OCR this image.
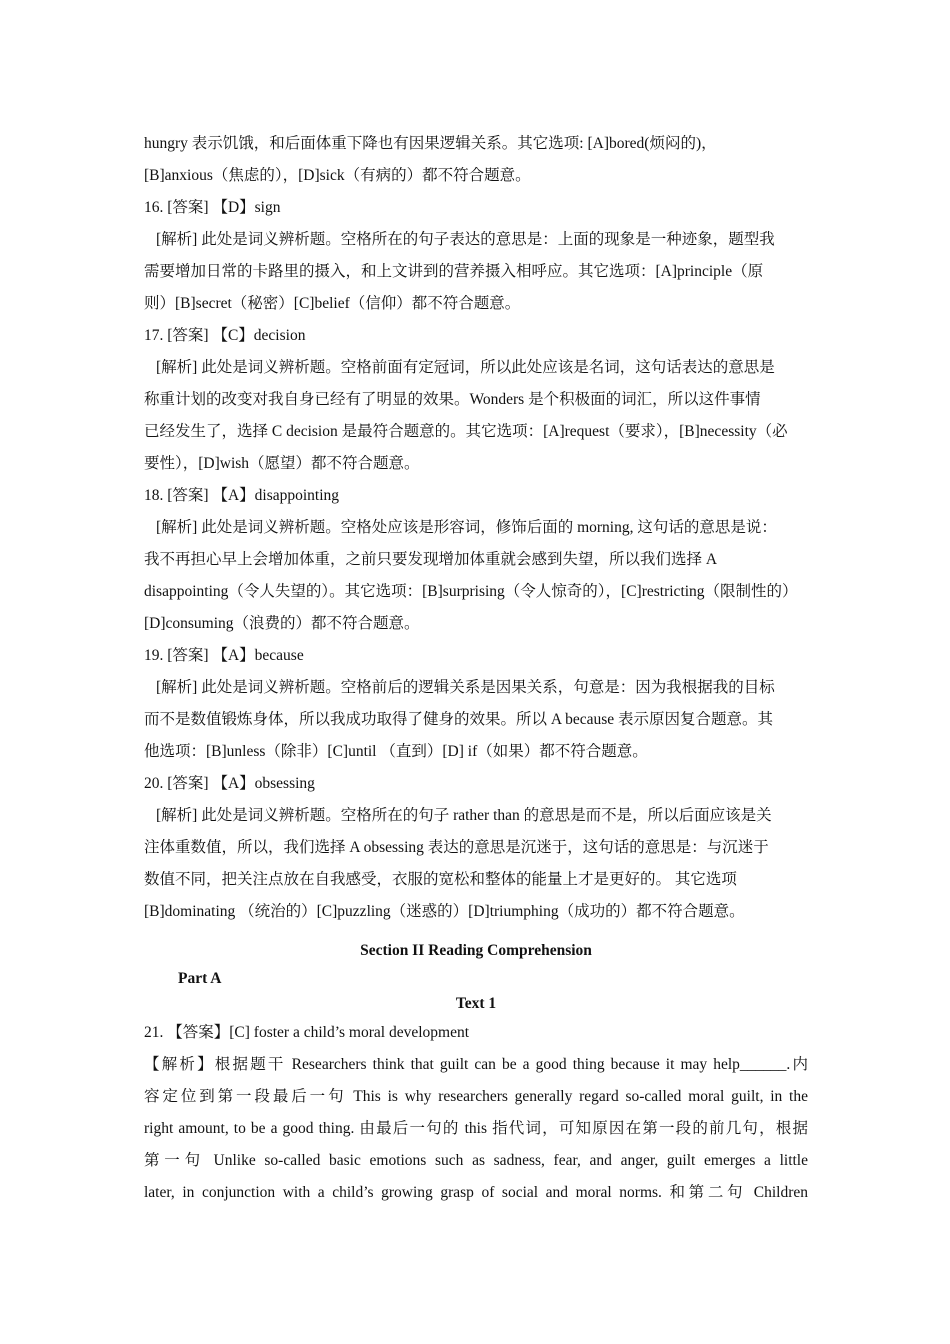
hungry 表示饥饿，和后面体重下降也有因果逻辑关系。其它选项: [A]bored(烦闷的)，
[B]anxious（焦虑的），[D]sick（有病的）都不符合题意。
16. [答案] 【D】sign
[解析] 此处是词义辨析题。空格所在的句子表达的意思是：上面的现象是一种迹象，题型我
需要增加日常的卡路里的摄入，和上文讲到的营养摄入相呼应。其它选项：[A]principle（原
则）[B]secret（秘密）[C]belief（信仰）都不符合题意。
17. [答案] 【C】decision
[解析] 此处是词义辨析题。空格前面有定冠词，所以此处应该是名词，这句话表达的意思是
称重计划的改变对我自身已经有了明显的效果。Wonders 是个积极面的词汇，所以这件事情
已经发生了，选择 C decision 是最符合题意的。其它选项：[A]request（要求），[B]necessity（必
要性），[D]wish（愿望）都不符合题意。
18. [答案] 【A】disappointing
[解析] 此处是词义辨析题。空格处应该是形容词，修饰后面的 morning, 这句话的意思是说：
我不再担心早上会增加体重，之前只要发现增加体重就会感到失望，所以我们选择 A
disappointing（令人失望的）。其它选项：[B]surprising（令人惊奇的），[C]restricting（限制性的）
[D]consuming（浪费的）都不符合题意。
19. [答案] 【A】because
[解析] 此处是词义辨析题。空格前后的逻辑关系是因果关系，句意是：因为我根据我的目标
而不是数值锻炼身体，所以我成功取得了健身的效果。所以 A because 表示原因复合题意。其
他选项：[B]unless（除非）[C]until （直到）[D] if（如果）都不符合题意。
20. [答案] 【A】obsessing
[解析] 此处是词义辨析题。空格所在的句子 rather than 的意思是而不是，所以后面应该是关
注体重数值，所以，我们选择 A obsessing 表达的意思是沉迷于，这句话的意思是：与沉迷于
数值不同，把关注点放在自我感受，衣服的宽松和整体的能量上才是更好的。 其它选项
[B]dominating （统治的）[C]puzzling（迷惑的）[D]triumphing（成功的）都不符合题意。
Section II Reading Comprehension
Part A
Text 1
21. 【答案】[C] foster a child’s moral development
【解析】根据题干 Researchers think that guilt can be a good thing because it may help______.内
容定位到第一段最后一句 This is why researchers generally regard so-called moral guilt, in the
right amount, to be a good thing. 由最后一句的 this 指代词，可知原因在第一段的前几句，根据
第一句 Unlike so-called basic emotions such as sadness, fear, and anger, guilt emerges a little
later, in conjunction with a child’s growing grasp of social and moral norms. 和第二句 Children
